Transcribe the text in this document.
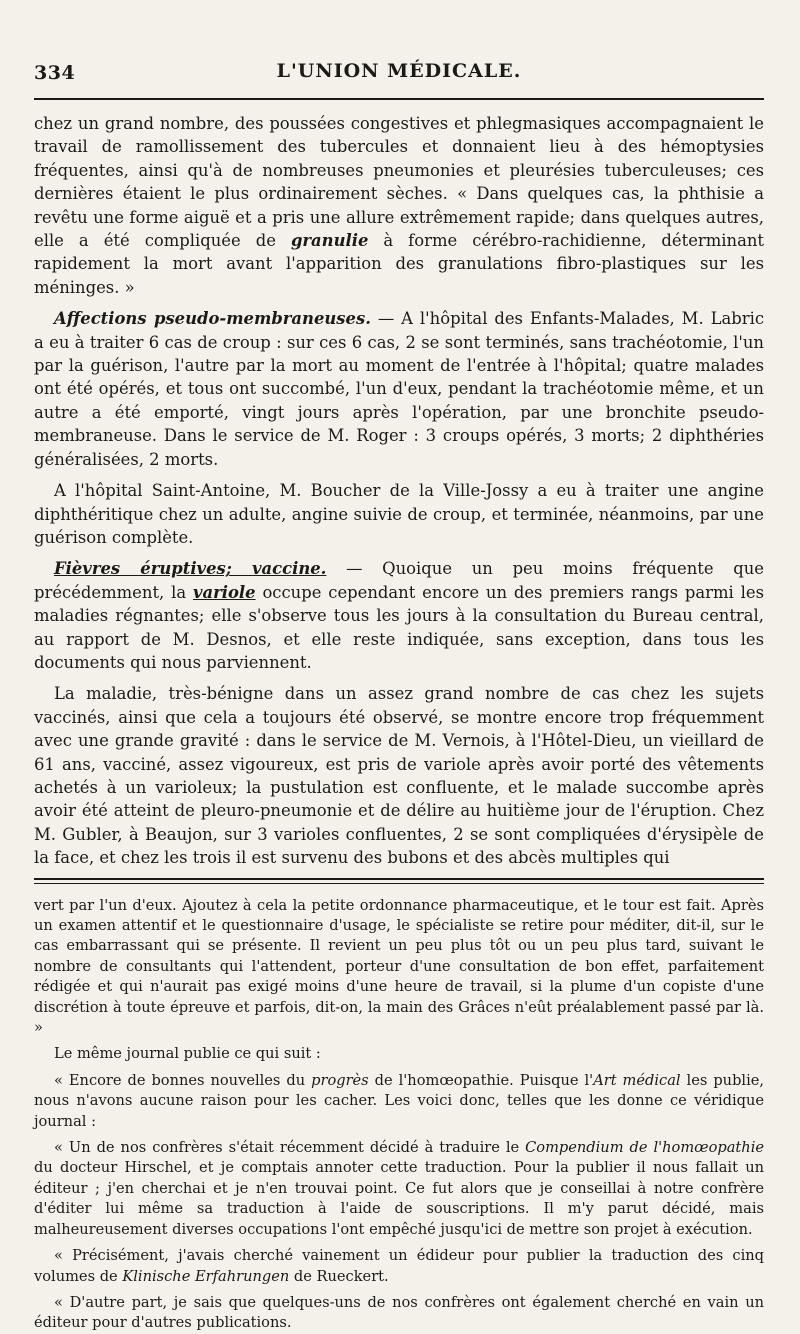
334	L'UNION MÉDICALE.

chez un grand nombre, des poussées congestives et phlegmasiques accompagnaient le travail de ramollissement des tubercules et donnaient lieu à des hémoptysies fréquentes, ainsi qu'à de nombreuses pneumonies et pleurésies tuberculeuses; ces dernières étaient le plus ordinairement sèches. « Dans quelques cas, la phthisie a revêtu une forme aiguë et a pris une allure extrêmement rapide; dans quelques autres, elle a été compliquée de granulie à forme cérébro-rachidienne, déterminant rapidement la mort avant l'apparition des granulations fibro-plastiques sur les méninges. »

Affections pseudo-membraneuses. — A l'hôpital des Enfants-Malades, M. Labric a eu à traiter 6 cas de croup : sur ces 6 cas, 2 se sont terminés, sans trachéotomie, l'un par la guérison, l'autre par la mort au moment de l'entrée à l'hôpital; quatre malades ont été opérés, et tous ont succombé, l'un d'eux, pendant la trachéotomie même, et un autre a été emporté, vingt jours après l'opération, par une bronchite pseudo-membraneuse. Dans le service de M. Roger : 3 croups opérés, 3 morts; 2 diphthéries généralisées, 2 morts.

A l'hôpital Saint-Antoine, M. Boucher de la Ville-Jossy a eu à traiter une angine diphthéritique chez un adulte, angine suivie de croup, et terminée, néanmoins, par une guérison complète.

Fièvres éruptives; vaccine. — Quoique un peu moins fréquente que précédemment, la variole occupe cependant encore un des premiers rangs parmi les maladies régnantes; elle s'observe tous les jours à la consultation du Bureau central, au rapport de M. Desnos, et elle reste indiquée, sans exception, dans tous les documents qui nous parviennent.

La maladie, très-bénigne dans un assez grand nombre de cas chez les sujets vaccinés, ainsi que cela a toujours été observé, se montre encore trop fréquemment avec une grande gravité : dans le service de M. Vernois, à l'Hôtel-Dieu, un vieillard de 61 ans, vacciné, assez vigoureux, est pris de variole après avoir porté des vêtements achetés à un varioleux; la pustulation est confluente, et le malade succombe après avoir été atteint de pleuro-pneumonie et de délire au huitième jour de l'éruption. Chez M. Gubler, à Beaujon, sur 3 varioles confluentes, 2 se sont compliquées d'érysipèle de la face, et chez les trois il est survenu des bubons et des abcès multiples qui

vert par l'un d'eux. Ajoutez à cela la petite ordonnance pharmaceutique, et le tour est fait. Après un examen attentif et le questionnaire d'usage, le spécialiste se retire pour méditer, dit-il, sur le cas embarrassant qui se présente. Il revient un peu plus tôt ou un peu plus tard, suivant le nombre de consultants qui l'attendent, porteur d'une consultation de bon effet, parfaitement rédigée et qui n'aurait pas exigé moins d'une heure de travail, si la plume d'un copiste d'une discrétion à toute épreuve et parfois, dit-on, la main des Grâces n'eût préalablement passé par là. »

Le même journal publie ce qui suit :

« Encore de bonnes nouvelles du progrès de l'homœopathie. Puisque l'Art médical les publie, nous n'avons aucune raison pour les cacher. Les voici donc, telles que les donne ce véridique journal :

« Un de nos confrères s'était récemment décidé à traduire le Compendium de l'homœopathie du docteur Hirschel, et je comptais annoter cette traduction. Pour la publier il nous fallait un éditeur ; j'en cherchai et je n'en trouvai point. Ce fut alors que je conseillai à notre confrère d'éditer lui même sa traduction à l'aide de souscriptions. Il m'y parut décidé, mais malheureusement diverses occupations l'ont empêché jusqu'ici de mettre son projet à exécution.

« Précisément, j'avais cherché vainement un édideur pour publier la traduction des cinq volumes de Klinische Erfahrungen de Rueckert.

« D'autre part, je sais que quelques-uns de nos confrères ont également cherché en vain un éditeur pour d'autres publications.
